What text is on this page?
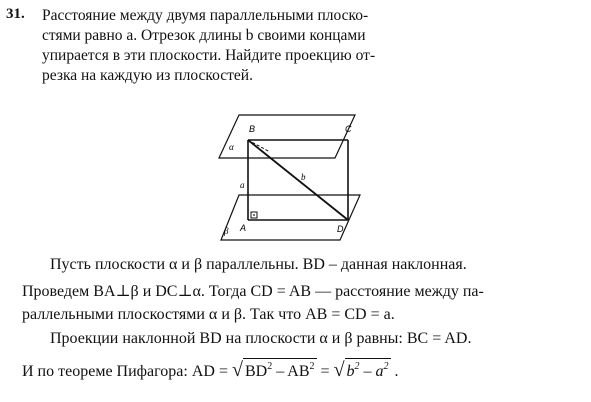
31. Расстояние между двумя параллельными плоско-
стями равно a. Отрезок длины b своими концами
упирается в эти плоскости. Найдите проекцию от-
резка на каждую из плоскостей.
B	C
α
a
b
A	D
β
Пусть плоскости α и β параллельны. BD – данная наклонная.
Проведем BA⊥β и DC⊥α. Тогда CD = AB — расстояние между па-
раллельными плоскостями α и β. Так что AB = CD = a.
Проекции наклонной BD на плоскости α и β равны: BC = AD.
И по теореме Пифагора: AD = √ $BD^2 - AB^2$ = √ $b^2 - a^2$ .
